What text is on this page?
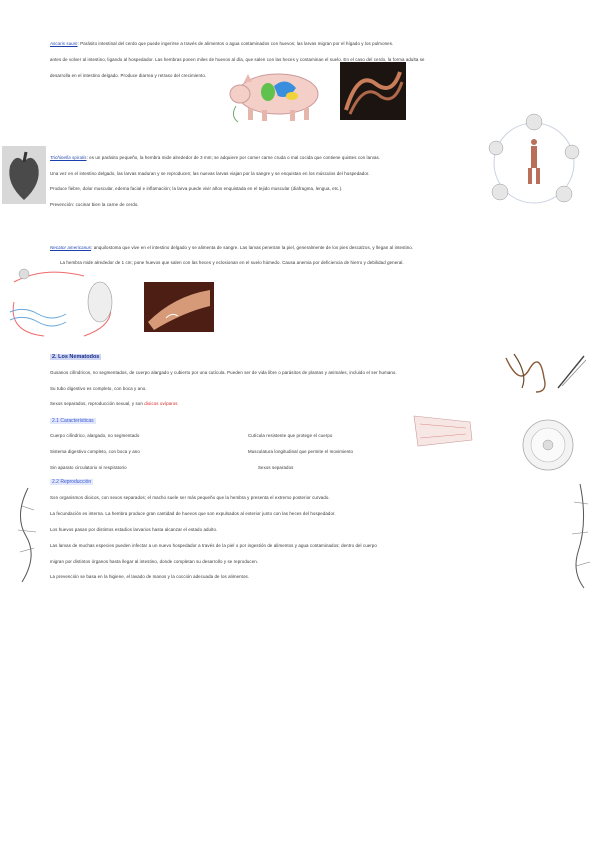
Ascaris suum: Parásito intestinal del cerdo que puede ingerirse a través de alimentos o agua contaminados con huevos; las larvas migran por el hígado y los pulmones.
antes de volver al intestino, ligando al hospedador. Las hembras ponen miles de huevos al día, que salen con las heces y contaminan el suelo. En el caso del cerdo, la forma adulta se
desarrolla en el intestino delgado. Produce diarrea y retraso del crecimiento.
Trichinella spiralis: es un parásito pequeño, la hembra mide alrededor de 3 mm; se adquiere por comer carne cruda o mal cocida que contiene quistes con larvas.
Una vez en el intestino delgado, las larvas maduran y se reproducen; las nuevas larvas viajan por la sangre y se enquistan en los músculos del hospedador.
Produce fiebre, dolor muscular, edema facial e inflamación; la larva puede vivir años enquistada en el tejido muscular (diafragma, lengua, etc.).
Prevención: cocinar bien la carne de cerdo.
Necator americanus: anquilostoma que vive en el intestino delgado y se alimenta de sangre. Las larvas penetran la piel, generalmente de los pies descalzos, y llegan al intestino.
La hembra mide alrededor de 1 cm; pone huevos que salen con las heces y eclosionan en el suelo húmedo. Causa anemia por deficiencia de hierro y debilidad general.
2. Los Nematodos
Gusanos cilíndricos, no segmentados, de cuerpo alargado y cubierto por una cutícula. Pueden ser de vida libre o parásitos de plantas y animales, incluido el ser humano.
Su tubo digestivo es completo, con boca y ano.
Sexos separados, reproducción sexual, y son dioicos ovíparos
2.1 Características
Cuerpo cilíndrico, alargado, no segmentado
Sistema digestivo completo, con boca y ano
Sin aparato circulatorio ni respiratorio
Cutícula resistente que protege el cuerpo
Musculatura longitudinal que permite el movimiento
Sexos separados
2.2 Reproducción
Son organismos dioicos, con sexos separados; el macho suele ser más pequeño que la hembra y presenta el extremo posterior curvado.
La fecundación es interna. La hembra produce gran cantidad de huevos que son expulsados al exterior junto con las heces del hospedador.
Los huevos pasan por distintos estadios larvarios hasta alcanzar el estado adulto.
Las larvas de muchas especies pueden infectar a un nuevo hospedador a través de la piel o por ingestión de alimentos y agua contaminados; dentro del cuerpo
migran por distintos órganos hasta llegar al intestino, donde completan su desarrollo y se reproducen.
La prevención se basa en la higiene, el lavado de manos y la cocción adecuada de los alimentos.
